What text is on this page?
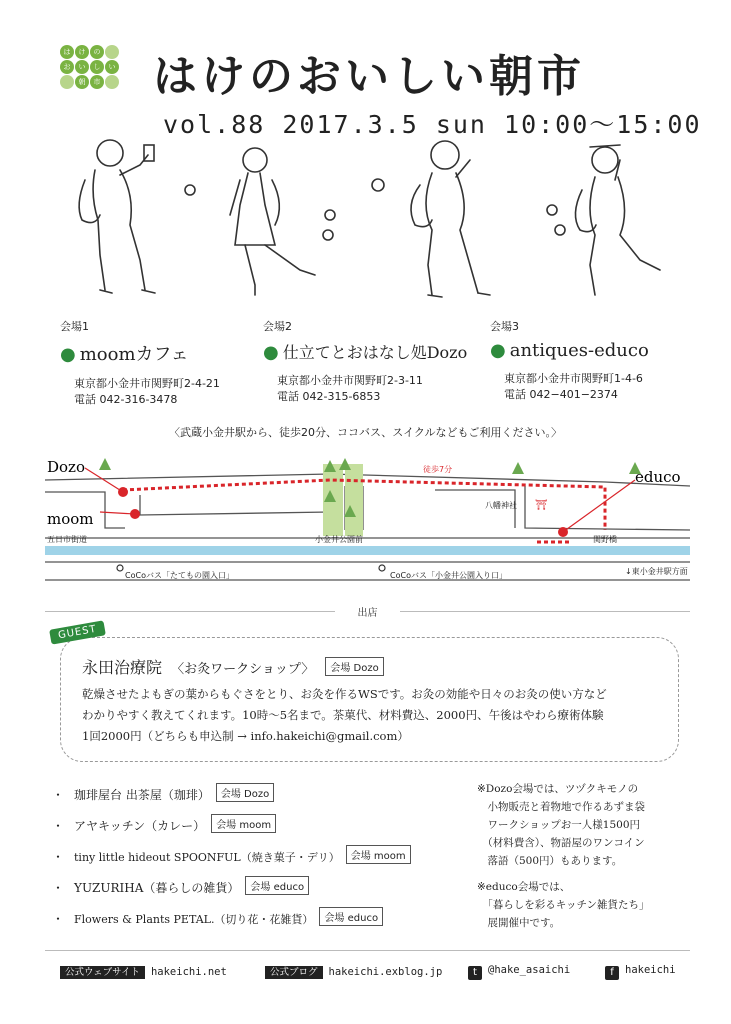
は	け	の
お	い	し	い
朝	市 はけのおいしい朝市
vol.88 2017.3.5 sun 10:00～15:00
会場1
● moomカフェ
東京都小金井市関野町2-4-21
電話 042-316-3478
会場2
● 仕立てとおはなし処Dozo
東京都小金井市関野町2-3-11
電話 042-315-6853
会場3
● antiques-educo
東京都小金井市関野町1-4-6
電話 042−401−2374
〈武蔵小金井駅から、徒歩20分、ココバス、スイクルなどもご利用ください。〉
Dozo
moom
educo
徒歩7分
八幡神社
五日市街道	小金井公園前	関野橋
CoCoバス「たてもの園入口」	CoCoバス「小金井公園入り口」	↓東小金井駅方面
⛩
出店
GUEST
永田治療院 〈お灸ワークショップ〉 会場 Dozo
乾燥させたよもぎの葉からもぐさをとり、お灸を作るWSです。お灸の効能や日々のお灸の使い方など
わかりやすく教えてくれます。10時～5名まで。茶菓代、材料費込、2000円、午後はやわら療術体験
1回2000円（どちらも申込制 → info.hakeichi@gmail.com）
・ 珈琲屋台 出茶屋（珈琲） 会場 Dozo
・ アヤキッチン（カレー） 会場 moom
・ tiny little hideout SPOONFUL（焼き菓子・デリ） 会場 moom
・ YUZURIHA（暮らしの雑貨） 会場 educo
・ Flowers & Plants PETAL.（切り花・花雑貨） 会場 educo
※Dozo会場では、ツヅクキモノの
　小物販売と着物地で作るあずま袋
　ワークショップお一人様1500円
　（材料費含）、物語屋のワンコイン
　落語（500円）もあります。
※educo会場では、
　「暮らしを彩るキッチン雑貨たち」
　展開催中です。
公式ウェブサイト hakeichi.net	公式ブログ hakeichi.exblog.jp	t @hake_asaichi	f hakeichi
